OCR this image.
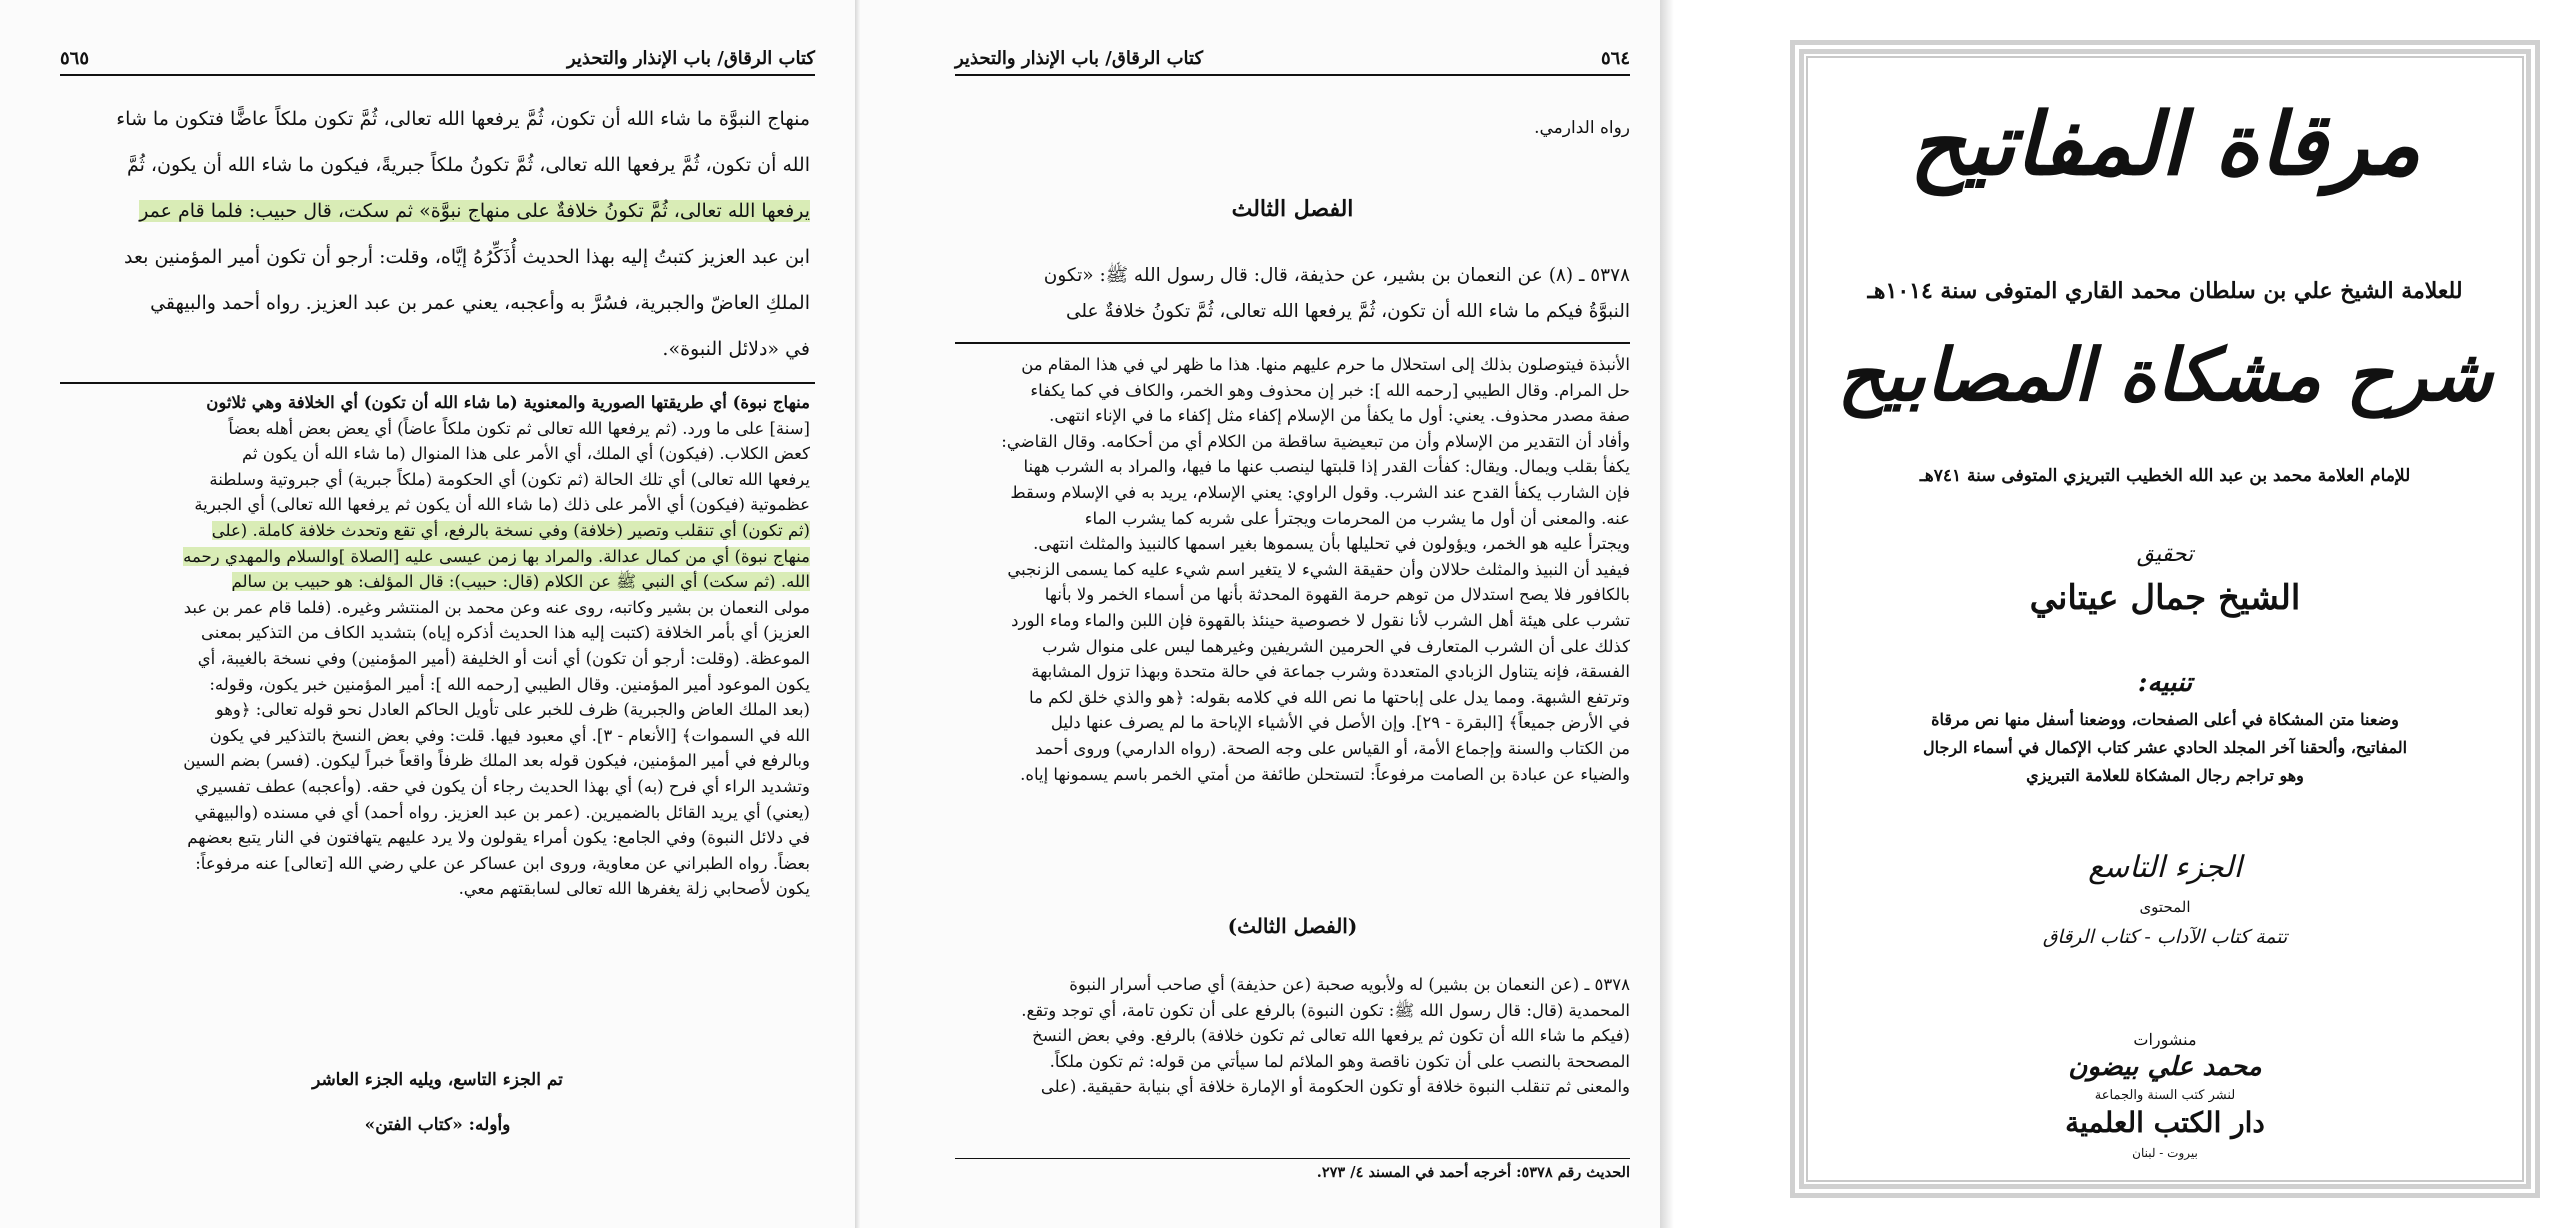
كتاب الرقاق/ باب الإنذار والتحذير
٥٦٥
منهاج النبوَّة ما شاء الله أن تكون، ثُمَّ يرفعها الله تعالى، ثُمَّ تكون ملكاً عاضًّا فتكون ما شاء
الله أن تكون، ثُمَّ يرفعها الله تعالى، ثُمَّ تكونُ ملكاً جبريةً، فيكون ما شاء الله أن يكون، ثُمَّ
يرفعها الله تعالى، ثُمَّ تكونُ خلافةٌ على منهاج نبوَّة» ثم سكت، قال حبيب: فلما قام عمر
ابن عبد العزيز كتبتُ إليه بهذا الحديث أُذَكِّرُهُ إيَّاه، وقلت: أرجو أن تكون أمير المؤمنين بعد
الملكِ العاضّ والجبرية، فسُرَّ به وأعجبه، يعني عمر بن عبد العزيز. رواه أحمد والبيهقي
في «دلائل النبوة».
منهاج نبوة) أي طريقتها الصورية والمعنوية (ما شاء الله أن تكون) أي الخلافة وهي ثلاثون
[سنة] على ما ورد. (ثم يرفعها الله تعالى ثم تكون ملكاً عاضاً) أي يعض بعض أهله بعضاً
كعض الكلاب. (فيكون) أي الملك، أي الأمر على هذا المنوال (ما شاء الله أن يكون ثم
يرفعها الله تعالى) أي تلك الحالة (ثم تكون) أي الحكومة (ملكاً جبرية) أي جبروتية وسلطنة
عظموتية (فيكون) أي الأمر على ذلك (ما شاء الله أن يكون ثم يرفعها الله تعالى) أي الجبرية
(ثم تكون) أي تنقلب وتصير (خلافة) وفي نسخة بالرفع، أي تقع وتحدث خلافة كاملة. (على
منهاج نبوة) أي من كمال عدالة. والمراد بها زمن عيسى عليه [الصلاة ]والسلام والمهدي رحمه
الله. (ثم سكت) أي النبي ﷺ عن الكلام (قال: حبيب): قال المؤلف: هو حبيب بن سالم
مولى النعمان بن بشير وكاتبه، روى عنه وعن محمد بن المنتشر وغيره. (فلما قام عمر بن عبد
العزيز) أي بأمر الخلافة (كتبت إليه هذا الحديث أذكره إياه) بتشديد الكاف من التذكير بمعنى
الموعظة. (وقلت: أرجو أن تكون) أي أنت أو الخليفة (أمير المؤمنين) وفي نسخة بالغيبة، أي
يكون الموعود أمير المؤمنين. وقال الطيبي [رحمه الله ]: أمير المؤمنين خبر يكون، وقوله:
(بعد الملك العاض والجبرية) ظرف للخبر على تأويل الحاكم العادل نحو قوله تعالى: ﴿وهو
الله في السموات﴾ [الأنعام - ٣]. أي معبود فيها. قلت: وفي بعض النسخ بالتذكير في يكون
وبالرفع في أمير المؤمنين، فيكون قوله بعد الملك ظرفاً واقعاً خبراً ليكون. (فسر) بضم السين
وتشديد الراء أي فرح (به) أي بهذا الحديث رجاء أن يكون في حقه. (وأعجبه) عطف تفسيري
(يعني) أي يريد القائل بالضميرين. (عمر بن عبد العزيز. رواه أحمد) أي في مسنده (والبيهقي
في دلائل النبوة) وفي الجامع: يكون أمراء يقولون ولا يرد عليهم يتهافتون في النار يتبع بعضهم
بعضاً. رواه الطبراني عن معاوية، وروى ابن عساكر عن علي رضي الله [تعالى] عنه مرفوعاً:
يكون لأصحابي زلة يغفرها الله تعالى لسابقتهم معي.
تم الجزء التاسع، ويليه الجزء العاشر
وأوله: «كتاب الفتن»
كتاب الرقاق/ باب الإنذار والتحذير	٥٦٤
رواه الدارمي.
الفصل الثالث
٥٣٧٨ ـ (٨) عن النعمان بن بشير، عن حذيفة، قال: قال رسول الله ﷺ: «تكون
النبوَّةُ فيكم ما شاء الله أن تكون، ثُمَّ يرفعها الله تعالى، ثُمَّ تكونُ خلافةٌ على
الأنبذة فيتوصلون بذلك إلى استحلال ما حرم عليهم منها. هذا ما ظهر لي في هذا المقام من
حل المرام. وقال الطيبي [رحمه الله ]: خبر إن محذوف وهو الخمر، والكاف في كما يكفاء
صفة مصدر محذوف. يعني: أول ما يكفأ من الإسلام إكفاء مثل إكفاء ما في الإناء انتهى.
وأفاد أن التقدير من الإسلام وأن من تبعيضية ساقطة من الكلام أي من أحكامه. وقال القاضي:
يكفأ بقلب ويمال. ويقال: كفأت القدر إذا قلبتها لينصب عنها ما فيها، والمراد به الشرب ههنا
فإن الشارب يكفأ القدح عند الشرب. وقول الراوي: يعني الإسلام، يريد به في الإسلام وسقط
عنه. والمعنى أن أول ما يشرب من المحرمات ويجترأ على شربه كما يشرب الماء
ويجترأ عليه هو الخمر، ويؤولون في تحليلها بأن يسموها بغير اسمها كالنبيذ والمثلث انتهى.
فيفيد أن النبيذ والمثلث حلالان وأن حقيقة الشيء لا يتغير اسم شيء عليه كما يسمى الزنجبي
بالكافور فلا يصح استدلال من توهم حرمة القهوة المحدثة بأنها من أسماء الخمر ولا بأنها
تشرب على هيئة أهل الشرب لأنا نقول لا خصوصية حينئذ بالقهوة فإن اللبن والماء وماء الورد
كذلك على أن الشرب المتعارف في الحرمين الشريفين وغيرهما ليس على منوال شرب
الفسقة، فإنه يتناول الزبادي المتعددة وشرب جماعة في حالة متحدة وبهذا تزول المشابهة
وترتفع الشبهة. ومما يدل على إباحتها ما نص الله في كلامه بقوله: ﴿هو والذي خلق لكم ما
في الأرض جميعاً﴾ [البقرة - ٢٩]. وإن الأصل في الأشياء الإباحة ما لم يصرف عنها دليل
من الكتاب والسنة وإجماع الأمة، أو القياس على وجه الصحة. (رواه الدارمي) وروى أحمد
والضياء عن عبادة بن الصامت مرفوعاً: لتستحلن طائفة من أمتي الخمر باسم يسمونها إياه.
(الفصل الثالث)
٥٣٧٨ ـ (عن النعمان بن بشير) له ولأبويه صحبة (عن حذيفة) أي صاحب أسرار النبوة
المحمدية (قال: قال رسول الله ﷺ: تكون النبوة) بالرفع على أن تكون تامة، أي توجد وتقع.
(فيكم ما شاء الله أن تكون ثم يرفعها الله تعالى ثم تكون خلافة) بالرفع. وفي بعض النسخ
المصححة بالنصب على أن تكون ناقصة وهو الملائم لما سيأتي من قوله: ثم تكون ملكاً.
والمعنى ثم تنقلب النبوة خلافة أو تكون الحكومة أو الإمارة خلافة أي بنيابة حقيقية. (على
الحديث رقم ٥٣٧٨: أخرجه أحمد في المسند ٤/ ٢٧٣.
مرقاة المفاتيح
للعلامة الشيخ علي بن سلطان محمد القاري المتوفى سنة ١٠١٤هـ
شرح مشكاة المصابيح
للإمام العلامة محمد بن عبد الله الخطيب التبريزي المتوفى سنة ٧٤١هـ
تحقيق
الشيخ جمال عيتاني
تنبيه:
وضعنا متن المشكاة في أعلى الصفحات، ووضعنا أسفل منها نص مرقاة
المفاتيح، وألحقنا آخر المجلد الحادي عشر كتاب الإكمال في أسماء الرجال
وهو تراجم رجال المشكاة للعلامة التبريزي
الجزء التاسع
المحتوى
تتمة كتاب الآداب - كتاب الرقاق
منشورات
محمد علي بيضون
لنشر كتب السنة والجماعة
دار الكتب العلمية
بيروت - لبنان
